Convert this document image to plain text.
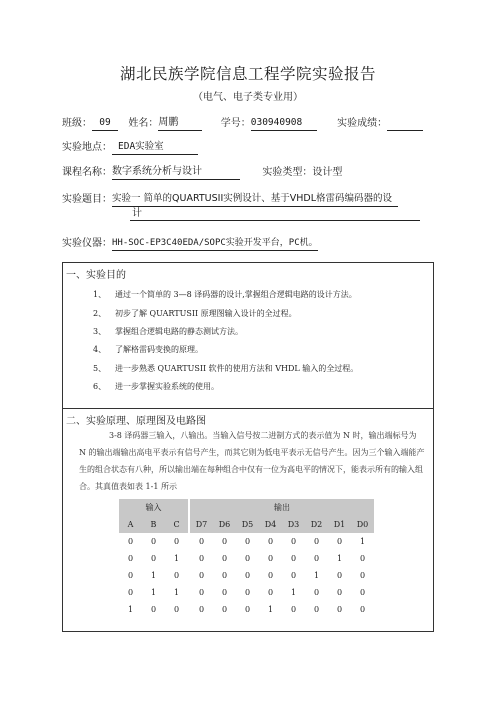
湖北民族学院信息工程学院实验报告
（电气、电子类专业用）
班级： 09 姓名：周鹏	学号：030940908	实验成绩：
实验地点： EDA实验室
课程名称：数字系统分析与设计	实验类型：设计型
实验题目：实验一 简单的QUARTUSII实例设计、基于VHDL格雷码编码器的设
计
实验仪器：HH-SOC-EP3C40EDA/SOPC实验开发平台，PC机。
一、实验目的
1、 通过一个简单的 3—8 译码器的设计,掌握组合逻辑电路的设计方法。
2、 初步了解 QUARTUSII 原理图输入设计的全过程。
3、 掌握组合逻辑电路的静态测试方法。
4、 了解格雷码变换的原理。
5、 进一步熟悉 QUARTUSII 软件的使用方法和 VHDL 输入的全过程。
6、 进一步掌握实验系统的使用。
二、实验原理、原理图及电路图
3-8 译码器三输入，八输出。当输入信号按二进制方式的表示值为 N 时，输出端标号为 N 的输出端输出高电平表示有信号产生，而其它则为低电平表示无信号产生。因为三个输入端能产生的组合状态有八种，所以输出端在每种组合中仅有一位为高电平的情况下，能表示所有的输入组合。其真值表如表 1-1 所示
输入				输出							
A	B	C		D7	D6	D5	D4	D3	D2	D1	D0
0	0	0		0	0	0	0	0	0	0	1
0	0	1		0	0	0	0	0	0	1	0
0	1	0		0	0	0	0	0	1	0	0
0	1	1		0	0	0	0	1	0	0	0
1	0	0		0	0	0	1	0	0	0	0
